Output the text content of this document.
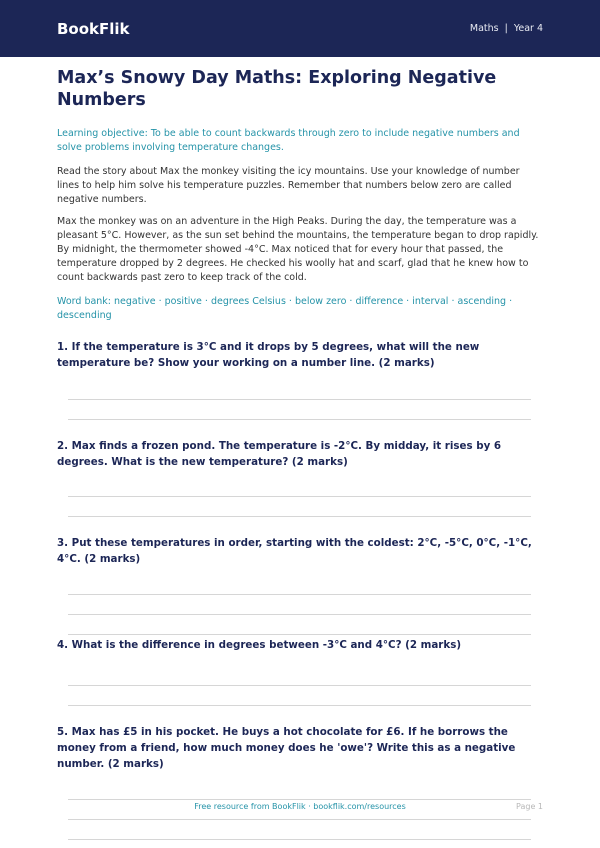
BookFlik	Maths | Year 4
Max’s Snowy Day Maths: Exploring Negative Numbers

Learning objective: To be able to count backwards through zero to include negative numbers and solve problems involving temperature changes.

Read the story about Max the monkey visiting the icy mountains. Use your knowledge of number lines to help him solve his temperature puzzles. Remember that numbers below zero are called negative numbers.

Max the monkey was on an adventure in the High Peaks. During the day, the temperature was a pleasant 5°C. However, as the sun set behind the mountains, the temperature began to drop rapidly. By midnight, the thermometer showed -4°C. Max noticed that for every hour that passed, the temperature dropped by 2 degrees. He checked his woolly hat and scarf, glad that he knew how to count backwards past zero to keep track of the cold.

Word bank: negative · positive · degrees Celsius · below zero · difference · interval · ascending · descending

1. If the temperature is 3°C and it drops by 5 degrees, what will the new temperature be? Show your working on a number line. (2 marks)

2. Max finds a frozen pond. The temperature is -2°C. By midday, it rises by 6 degrees. What is the new temperature? (2 marks)

3. Put these temperatures in order, starting with the coldest: 2°C, -5°C, 0°C, -1°C, 4°C. (2 marks)

4. What is the difference in degrees between -3°C and 4°C? (2 marks)

5. Max has £5 in his pocket. He buys a hot chocolate for £6. If he borrows the money from a friend, how much money does he 'owe'? Write this as a negative number. (2 marks)

Free resource from BookFlik · bookflik.com/resources	Page 1
